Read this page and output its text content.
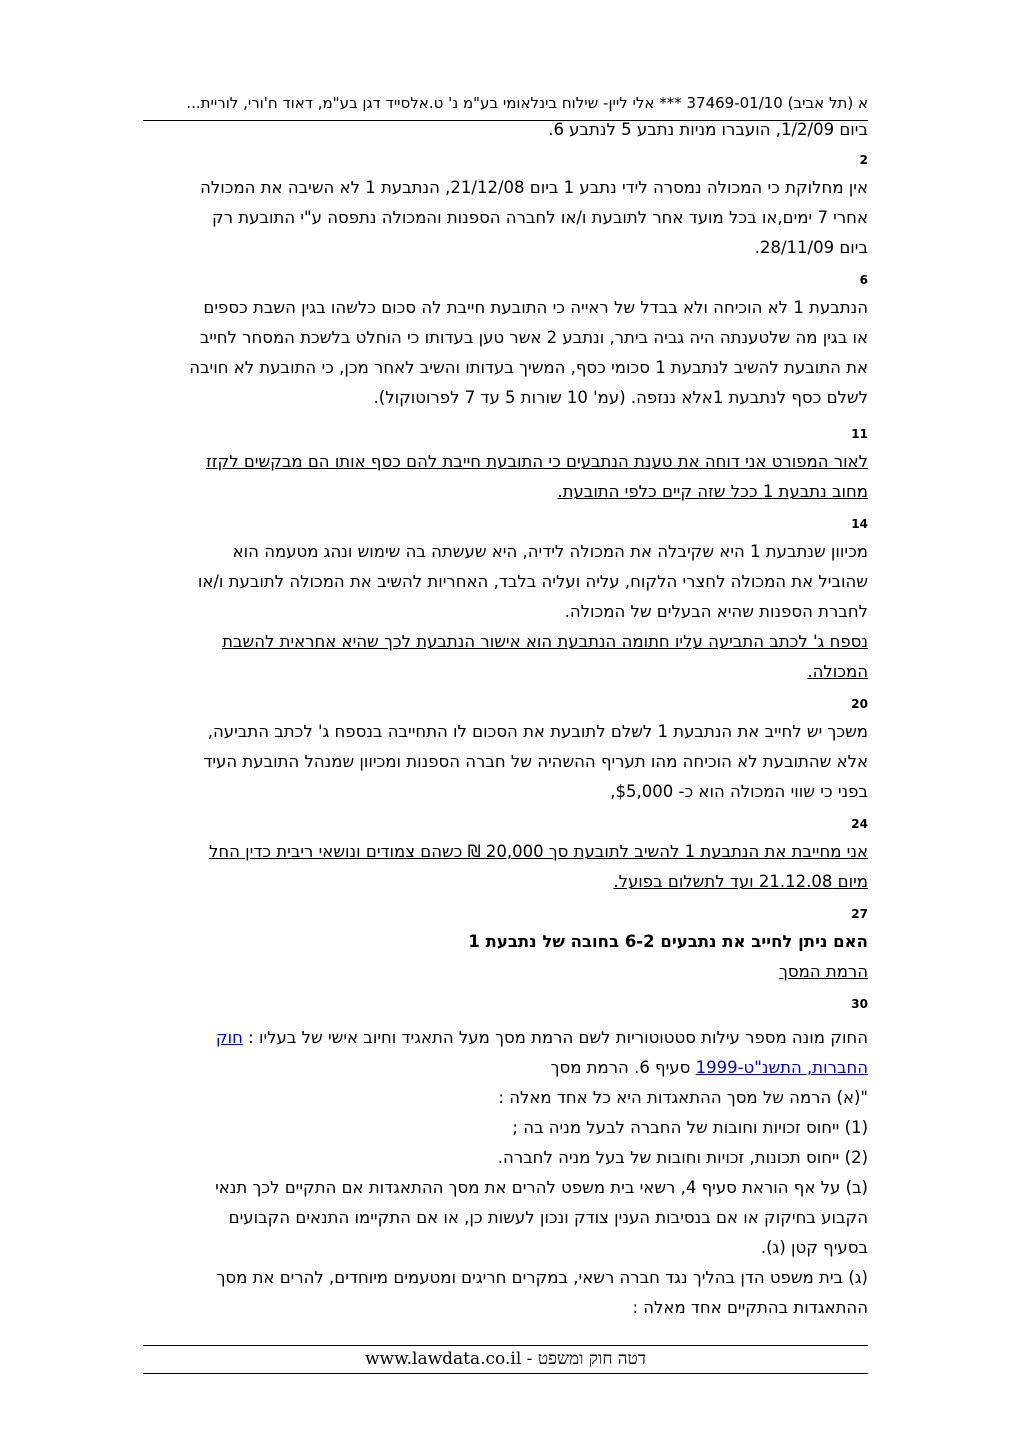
א (תל אביב) 37469-01/10 *** אלי ליין- שילוח בינלאומי בע"מ נ' ט.אלסייד דגן בע"מ, דאוד ח'ורי, לוריית...
ביום 1/2/09, הועברו מניות נתבע 5 לנתבע 6.
2
אין מחלוקת כי המכולה נמסרה לידי נתבע 1 ביום 21/12/08, הנתבעת 1 לא השיבה את המכולה
אחרי 7 ימים,או בכל מועד אחר לתובעת ו/או לחברה הספנות והמכולה נתפסה ע"י התובעת רק
ביום 28/11/09.
6
הנתבעת 1 לא הוכיחה ולא בבדל של ראייה כי התובעת חייבת לה סכום כלשהו בגין השבת כספים
או בגין מה שלטענתה היה גביה ביתר, ונתבע 2 אשר טען בעדותו כי הוחלט בלשכת המסחר לחייב
את התובעת להשיב לנתבעת 1 סכומי כסף, המשיך בעדותו והשיב לאחר מכן, כי התובעת לא חויבה
לשלם כסף לנתבעת 1אלא ננזפה. (עמ' 10 שורות 5 עד 7 לפרוטוקול).
11
לאור המפורט אני דוחה את טענת הנתבעים כי התובעת חייבת להם כסף אותו הם מבקשים לקזז
מחוב נתבעת 1 ככל שזה קיים כלפי התובעת.
14
מכיוון שנתבעת 1 היא שקיבלה את המכולה לידיה, היא שעשתה בה שימוש ונהג מטעמה הוא
שהוביל את המכולה לחצרי הלקוח, עליה ועליה בלבד, האחריות להשיב את המכולה לתובעת ו/או
לחברת הספנות שהיא הבעלים של המכולה.
נספח ג' לכתב התביעה עליו חתומה הנתבעת הוא אישור הנתבעת לכך שהיא אחראית להשבת
המכולה.
20
משכך יש לחייב את הנתבעת 1 לשלם לתובעת את הסכום לו התחייבה בנספח ג' לכתב התביעה,
אלא שהתובעת לא הוכיחה מהו תעריף ההשהיה של חברה הספנות ומכיוון שמנהל התובעת העיד
בפני כי שווי המכולה הוא כ- $5,000,
24
אני מחייבת את הנתבעת 1 להשיב לתובעת סך 20,000 ₪ כשהם צמודים ונושאי ריבית כדין החל
מיום 21.12.08 ועד לתשלום בפועל.
27
האם ניתן לחייב את נתבעים 6-2 בחובה של נתבעת 1
הרמת המסך
30
החוק מונה מספר עילות סטטוטוריות לשם הרמת מסך מעל התאגיד וחיוב אישי של בעליו : חוק
החברות, התשנ"ט-1999 סעיף 6. הרמת מסך
"(א) הרמה של מסך ההתאגדות היא כל אחד מאלה :
(1) ייחוס זכויות וחובות של החברה לבעל מניה בה ;
(2) ייחוס תכונות, זכויות וחובות של בעל מניה לחברה.
(ב) על אף הוראת סעיף 4, רשאי בית משפט להרים את מסך ההתאגדות אם התקיים לכך תנאי
הקבוע בחיקוק או אם בנסיבות הענין צודק ונכון לעשות כן, או אם התקיימו התנאים הקבועים
בסעיף קטן (ג).
(ג) בית משפט הדן בהליך נגד חברה רשאי, במקרים חריגים ומטעמים מיוחדים, להרים את מסך
ההתאגדות בהתקיים אחד מאלה :
www.lawdata.co.il - דטה חוק ומשפט
